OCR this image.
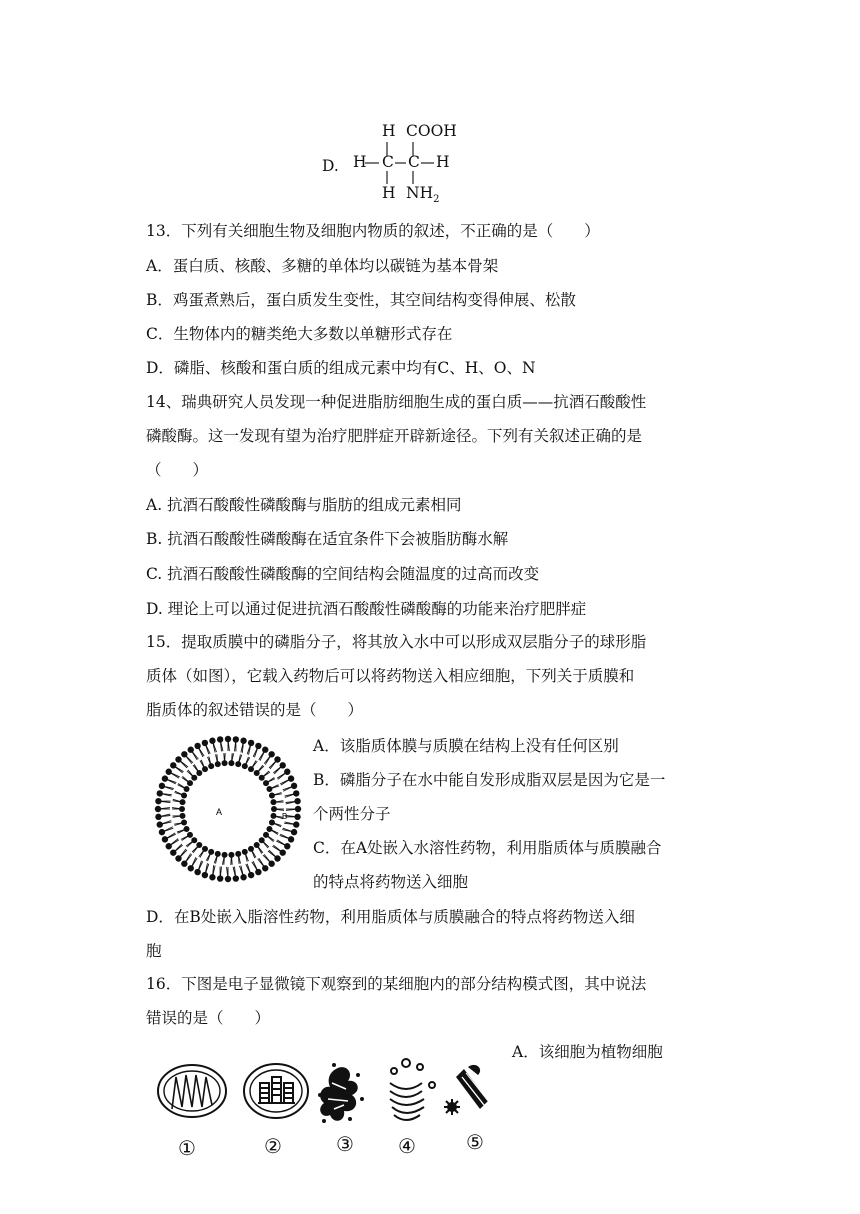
D.
H COOH
H C C H
H $NH_2$
13．下列有关细胞生物及细胞内物质的叙述，不正确的是（　　）
A．蛋白质、核酸、多糖的单体均以碳链为基本骨架
B．鸡蛋煮熟后，蛋白质发生变性，其空间结构变得伸展、松散
C．生物体内的糖类绝大多数以单糖形式存在
D．磷脂、核酸和蛋白质的组成元素中均有C、H、O、N
14、瑞典研究人员发现一种促进脂肪细胞生成的蛋白质——抗酒石酸酸性
磷酸酶。这一发现有望为治疗肥胖症开辟新途径。下列有关叙述正确的是
（　　）
A. 抗酒石酸酸性磷酸酶与脂肪的组成元素相同
B. 抗酒石酸酸性磷酸酶在适宜条件下会被脂肪酶水解
C. 抗酒石酸酸性磷酸酶的空间结构会随温度的过高而改变
D. 理论上可以通过促进抗酒石酸酸性磷酸酶的功能来治疗肥胖症
15．提取质膜中的磷脂分子，将其放入水中可以形成双层脂分子的球形脂
质体（如图），它载入药物后可以将药物送入相应细胞，下列关于质膜和
脂质体的叙述错误的是（　　）
A	B
A．该脂质体膜与质膜在结构上没有任何区别
B．磷脂分子在水中能自发形成脂双层是因为它是一
个两性分子
C．在A处嵌入水溶性药物，利用脂质体与质膜融合
的特点将药物送入细胞
D．在B处嵌入脂溶性药物，利用脂质体与质膜融合的特点将药物送入细
胞
16．下图是电子显微镜下观察到的某细胞内的部分结构模式图，其中说法
错误的是（　　）
A．该细胞为植物细胞
①	②	③ ④	⑤
